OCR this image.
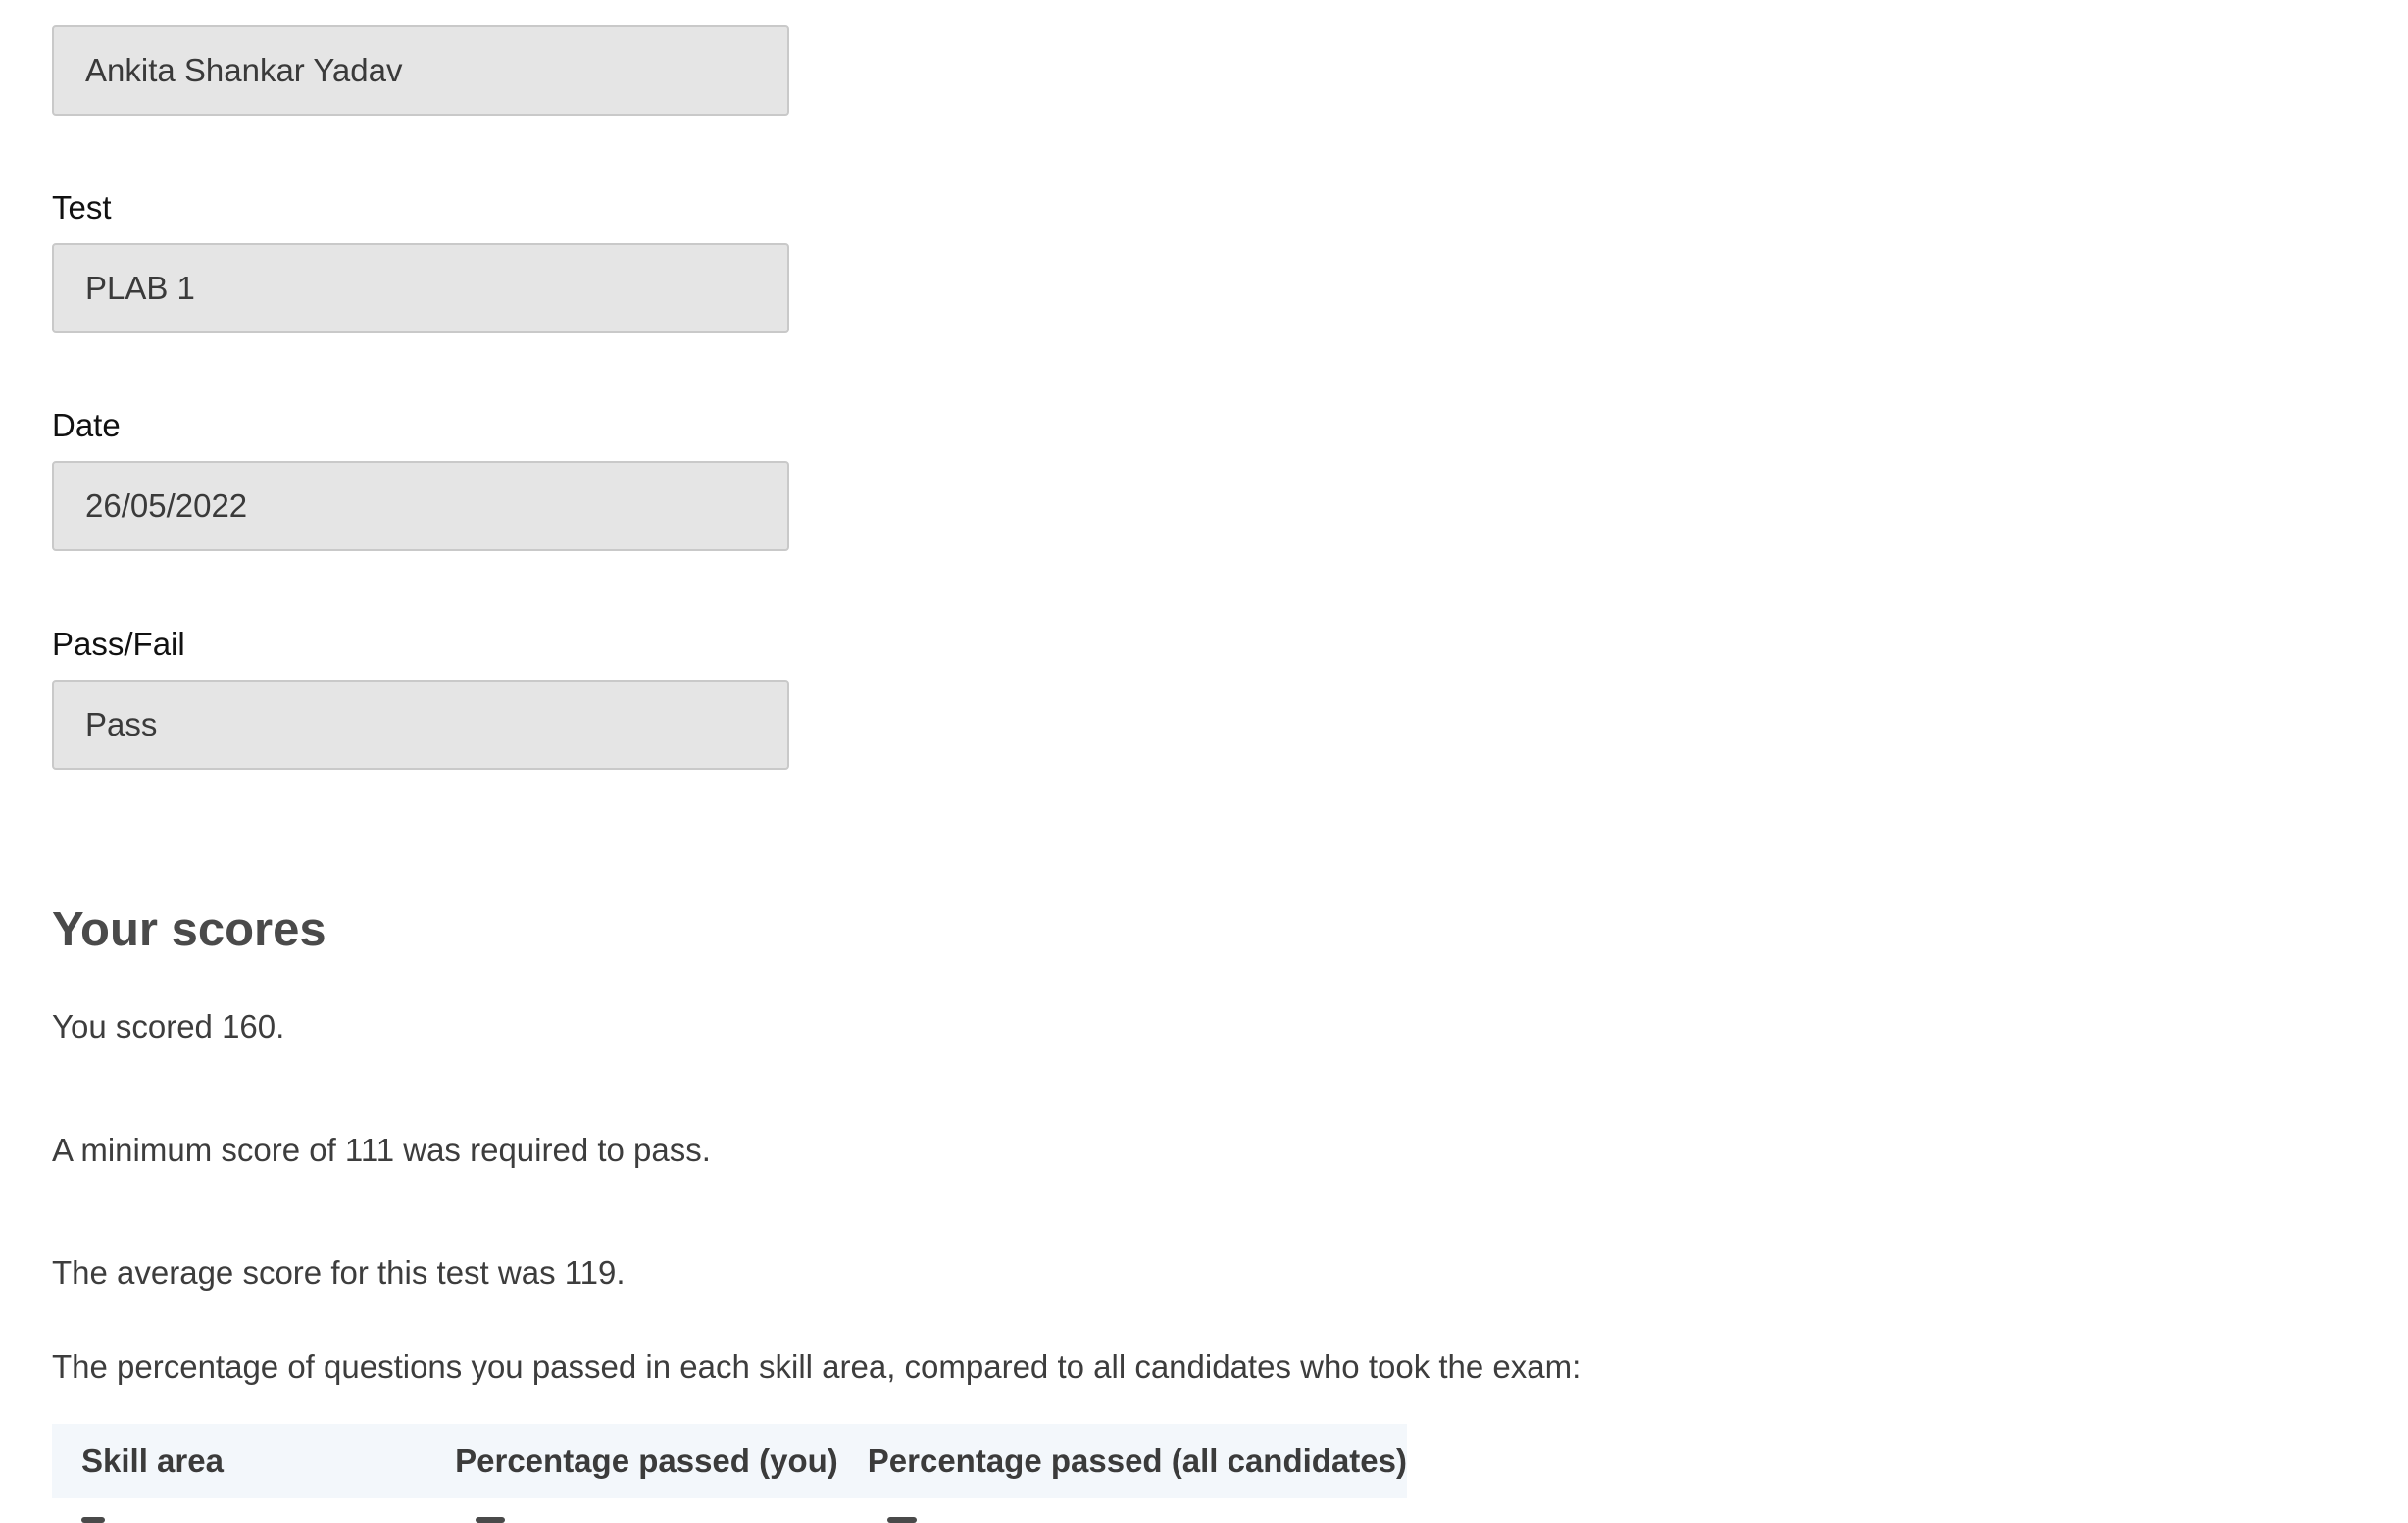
Ankita Shankar Yadav
Test
PLAB 1
Date
26/05/2022
Pass/Fail
Pass
Your scores

You scored 160.

A minimum score of 111 was required to pass.

The average score for this test was 119.

The percentage of questions you passed in each skill area, compared to all candidates who took the exam:

Skill area	Percentage passed (you)	Percentage passed (all candidates)
